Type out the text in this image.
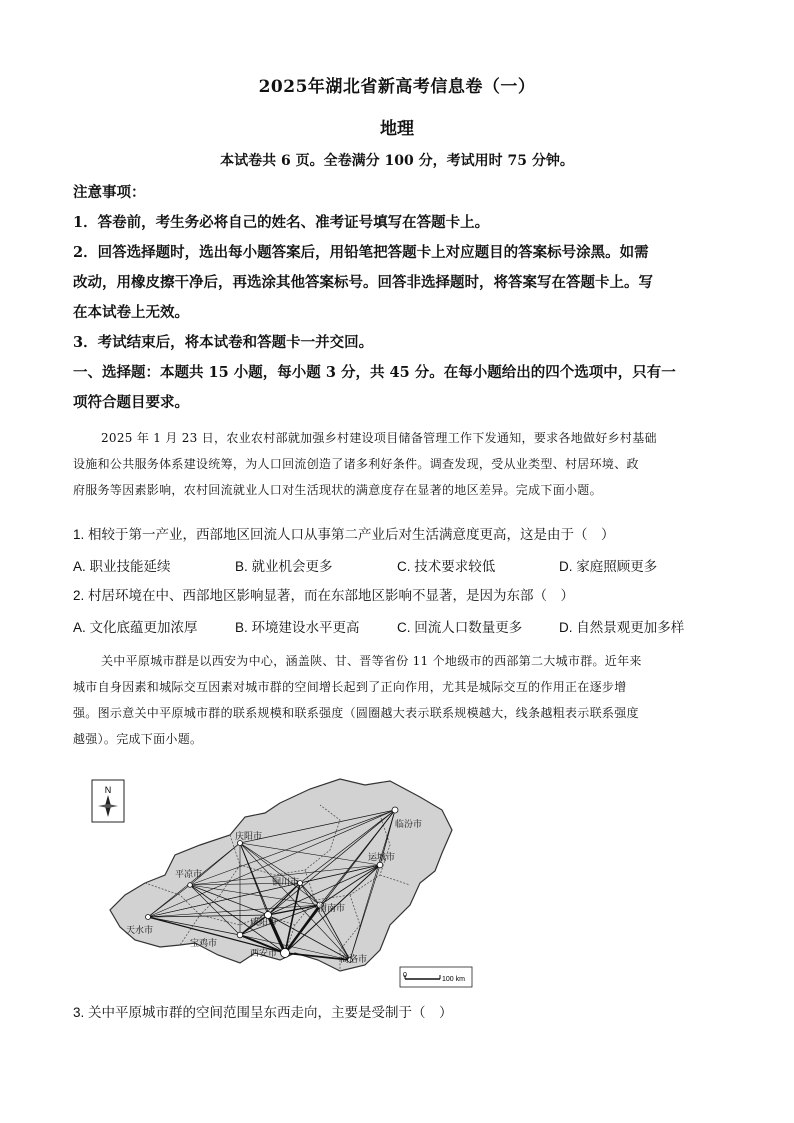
2025年湖北省新高考信息卷（一）
地理
本试卷共 6 页。全卷满分 100 分，考试用时 75 分钟。

注意事项：

1．答卷前，考生务必将自己的姓名、准考证号填写在答题卡上。

2．回答选择题时，选出每小题答案后，用铅笔把答题卡上对应题目的答案标号涂黑。如需

改动，用橡皮擦干净后，再选涂其他答案标号。回答非选择题时，将答案写在答题卡上。写

在本试卷上无效。

3．考试结束后，将本试卷和答题卡一并交回。

一、选择题：本题共 15 小题，每小题 3 分，共 45 分。在每小题给出的四个选项中，只有一

项符合题目要求。

2025 年 1 月 23 日，农业农村部就加强乡村建设项目储备管理工作下发通知，要求各地做好乡村基础

设施和公共服务体系建设统筹，为人口回流创造了诸多利好条件。调查发现，受从业类型、村居环境、政

府服务等因素影响，农村回流就业人口对生活现状的满意度存在显著的地区差异。完成下面小题。

1. 相较于第一产业，西部地区回流人口从事第二产业后对生活满意度更高，这是由于（　）

A. 职业技能延续	B. 就业机会更多	C. 技术要求较低	D. 家庭照顾更多

2. 村居环境在中、西部地区影响显著，而在东部地区影响不显著，是因为东部（　）

A. 文化底蕴更加浓厚	B. 环境建设水平更高	C. 回流人口数量更多	D. 自然景观更加多样

关中平原城市群是以西安为中心，涵盖陕、甘、晋等省份 11 个地级市的西部第二大城市群。近年来

城市自身因素和城际交互因素对城市群的空间增长起到了正向作用，尤其是城际交互的作用正在逐步增

强。图示意关中平原城市群的联系规模和联系强度（圆圈越大表示联系规模越大，线条越粗表示联系强度

越强）。完成下面小题。

N
庆阳市
临汾市
平凉市
铜川市
运城市
渭南市
天水市
咸阳市
宝鸡市
西安市
商洛市
0
100 km

3. 关中平原城市群的空间范围呈东西走向，主要是受制于（　）
